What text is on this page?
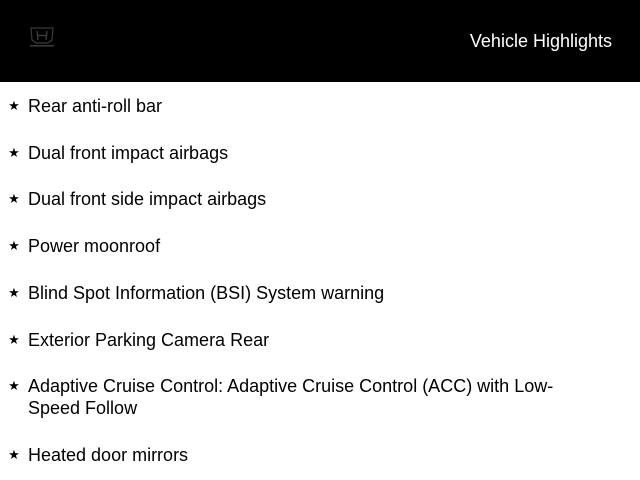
Vehicle Highlights
★ Rear anti-roll bar
★ Dual front impact airbags
★ Dual front side impact airbags
★ Power moonroof
★ Blind Spot Information (BSI) System warning
★ Exterior Parking Camera Rear
★ Adaptive Cruise Control: Adaptive Cruise Control (ACC) with Low-Speed Follow
★ Heated door mirrors
